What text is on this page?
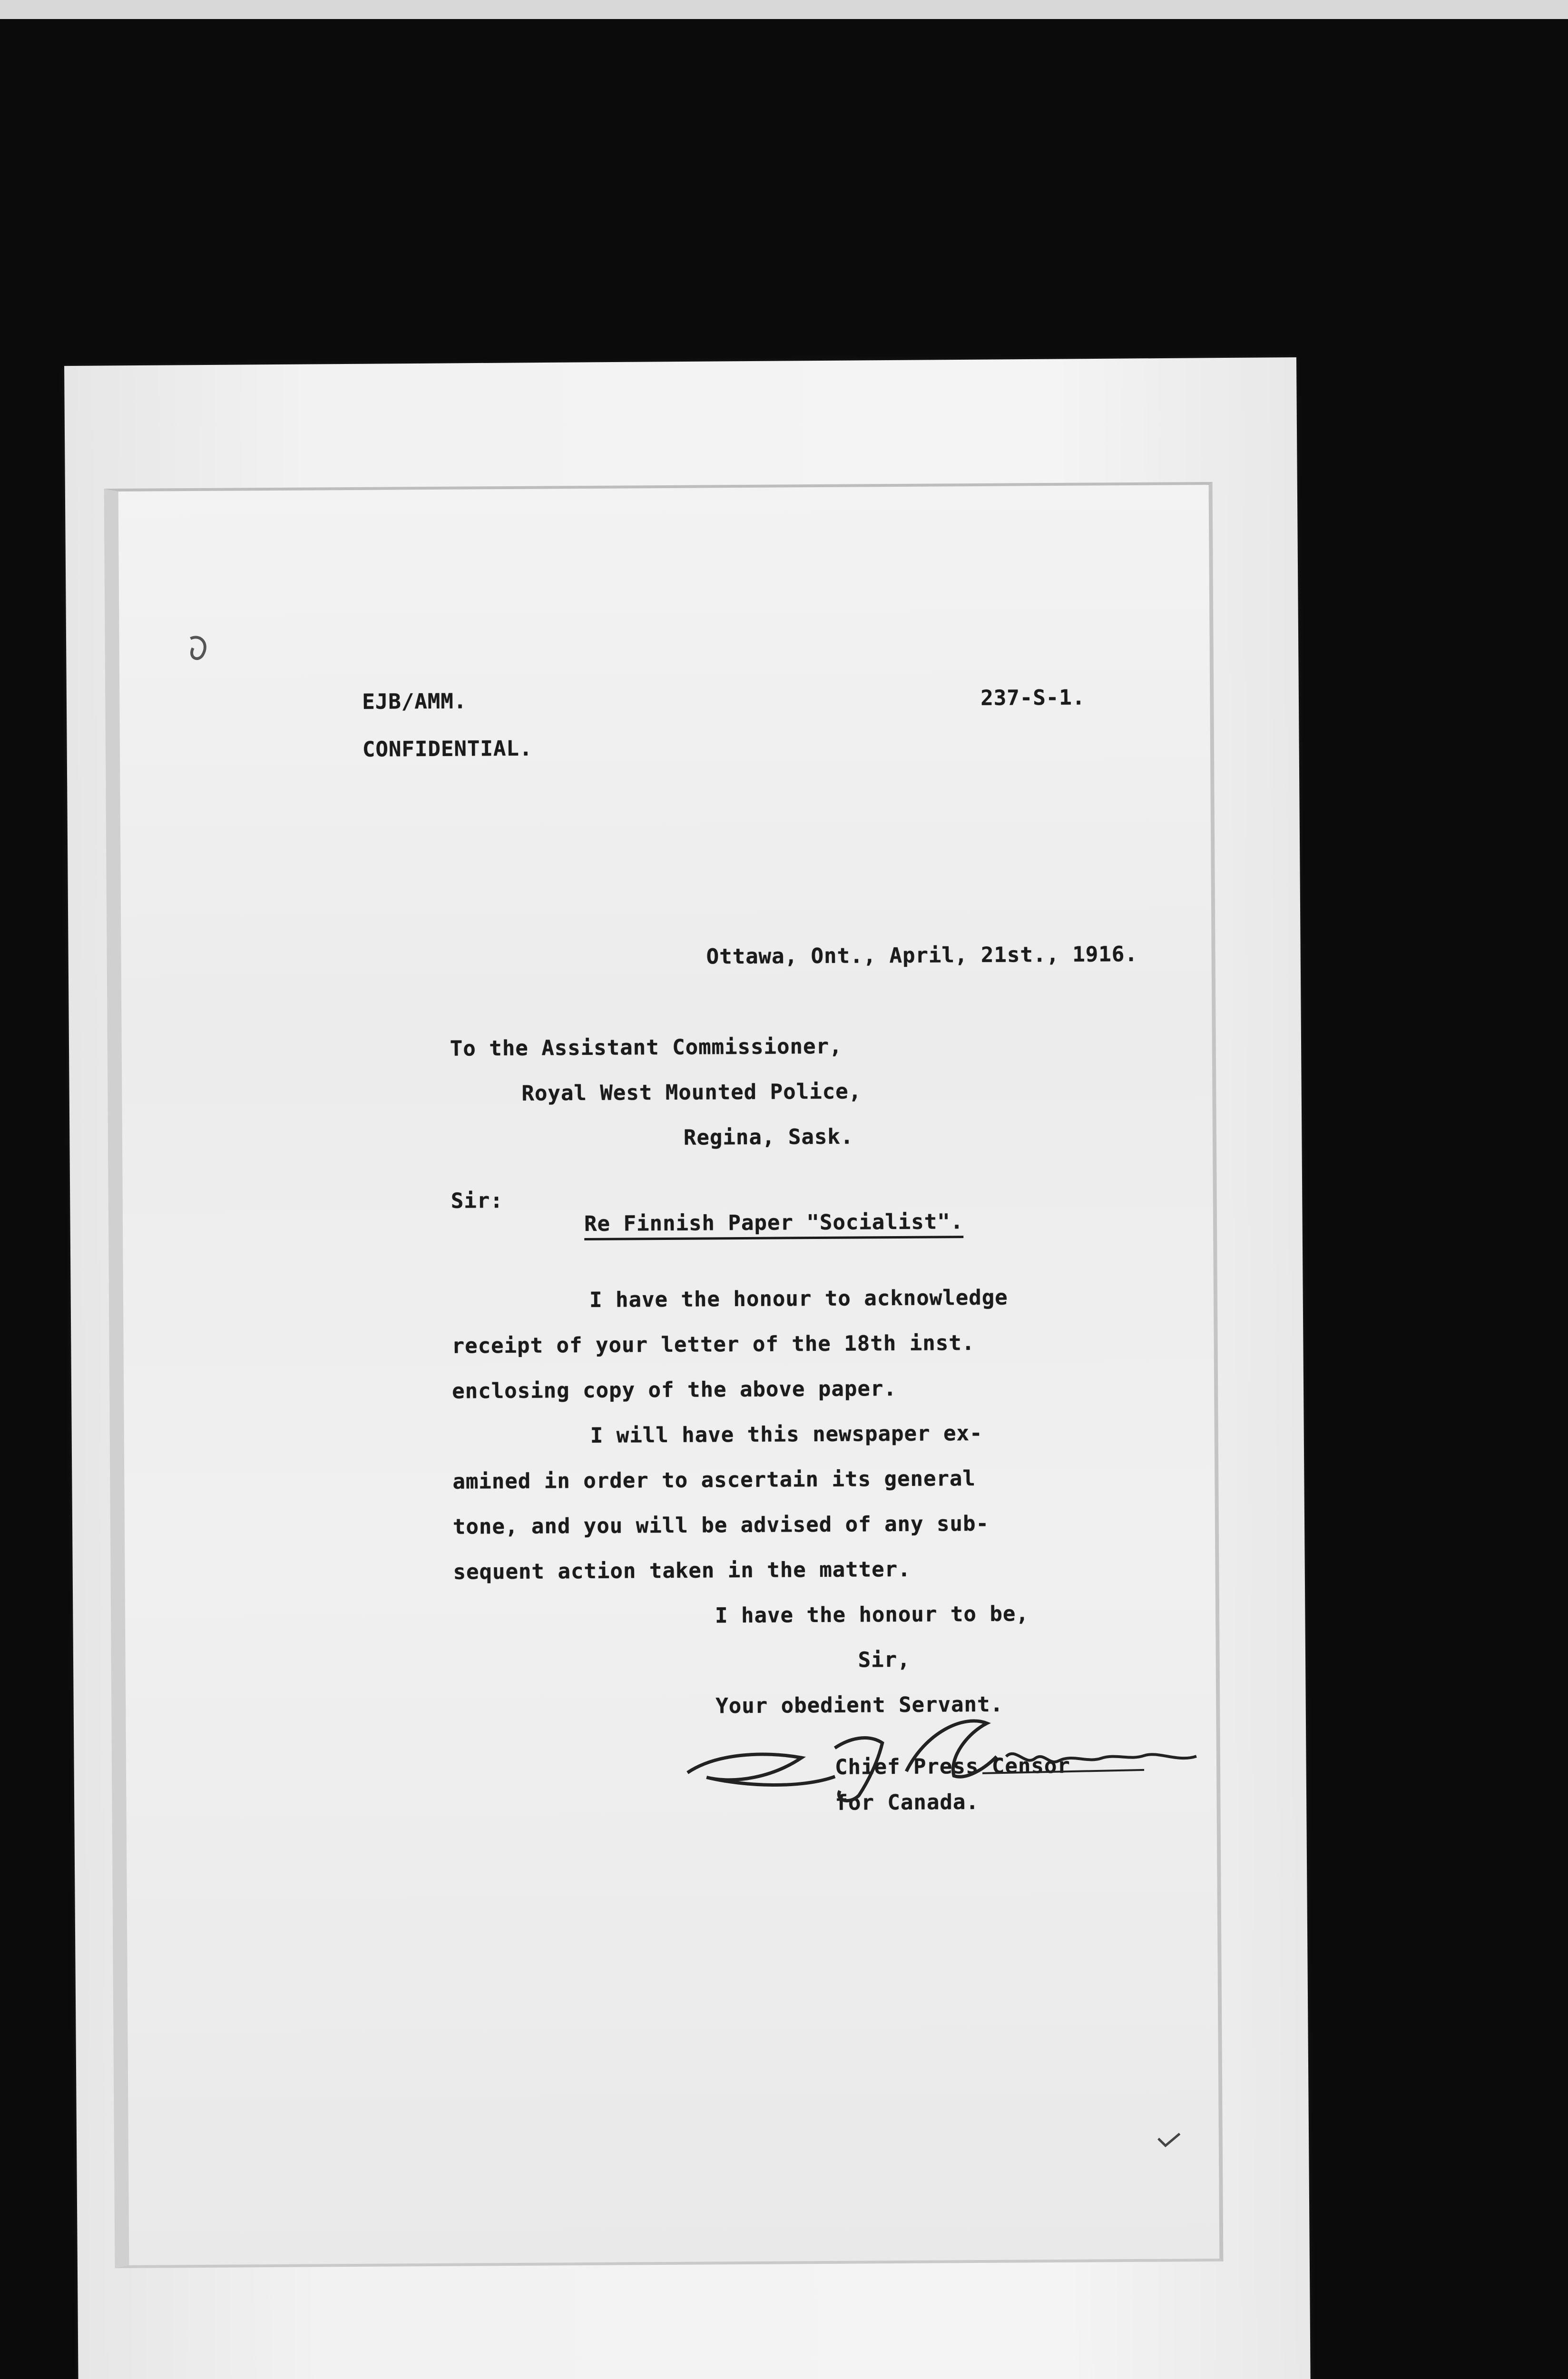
EJB/AMM.	237-S-1.
CONFIDENTIAL.
Ottawa, Ont., April, 21st., 1916.
To the Assistant Commissioner,
Royal West Mounted Police,
Regina, Sask.
Sir:
Re Finnish Paper "Socialist".
I have the honour to acknowledge
receipt of your letter of the 18th inst.
enclosing copy of the above paper.
I will have this newspaper ex-
amined in order to ascertain its general
tone, and you will be advised of any sub-
sequent action taken in the matter.
I have the honour to be,
Sir,
Your obedient Servant.
Chief Press Censor
for Canada.
